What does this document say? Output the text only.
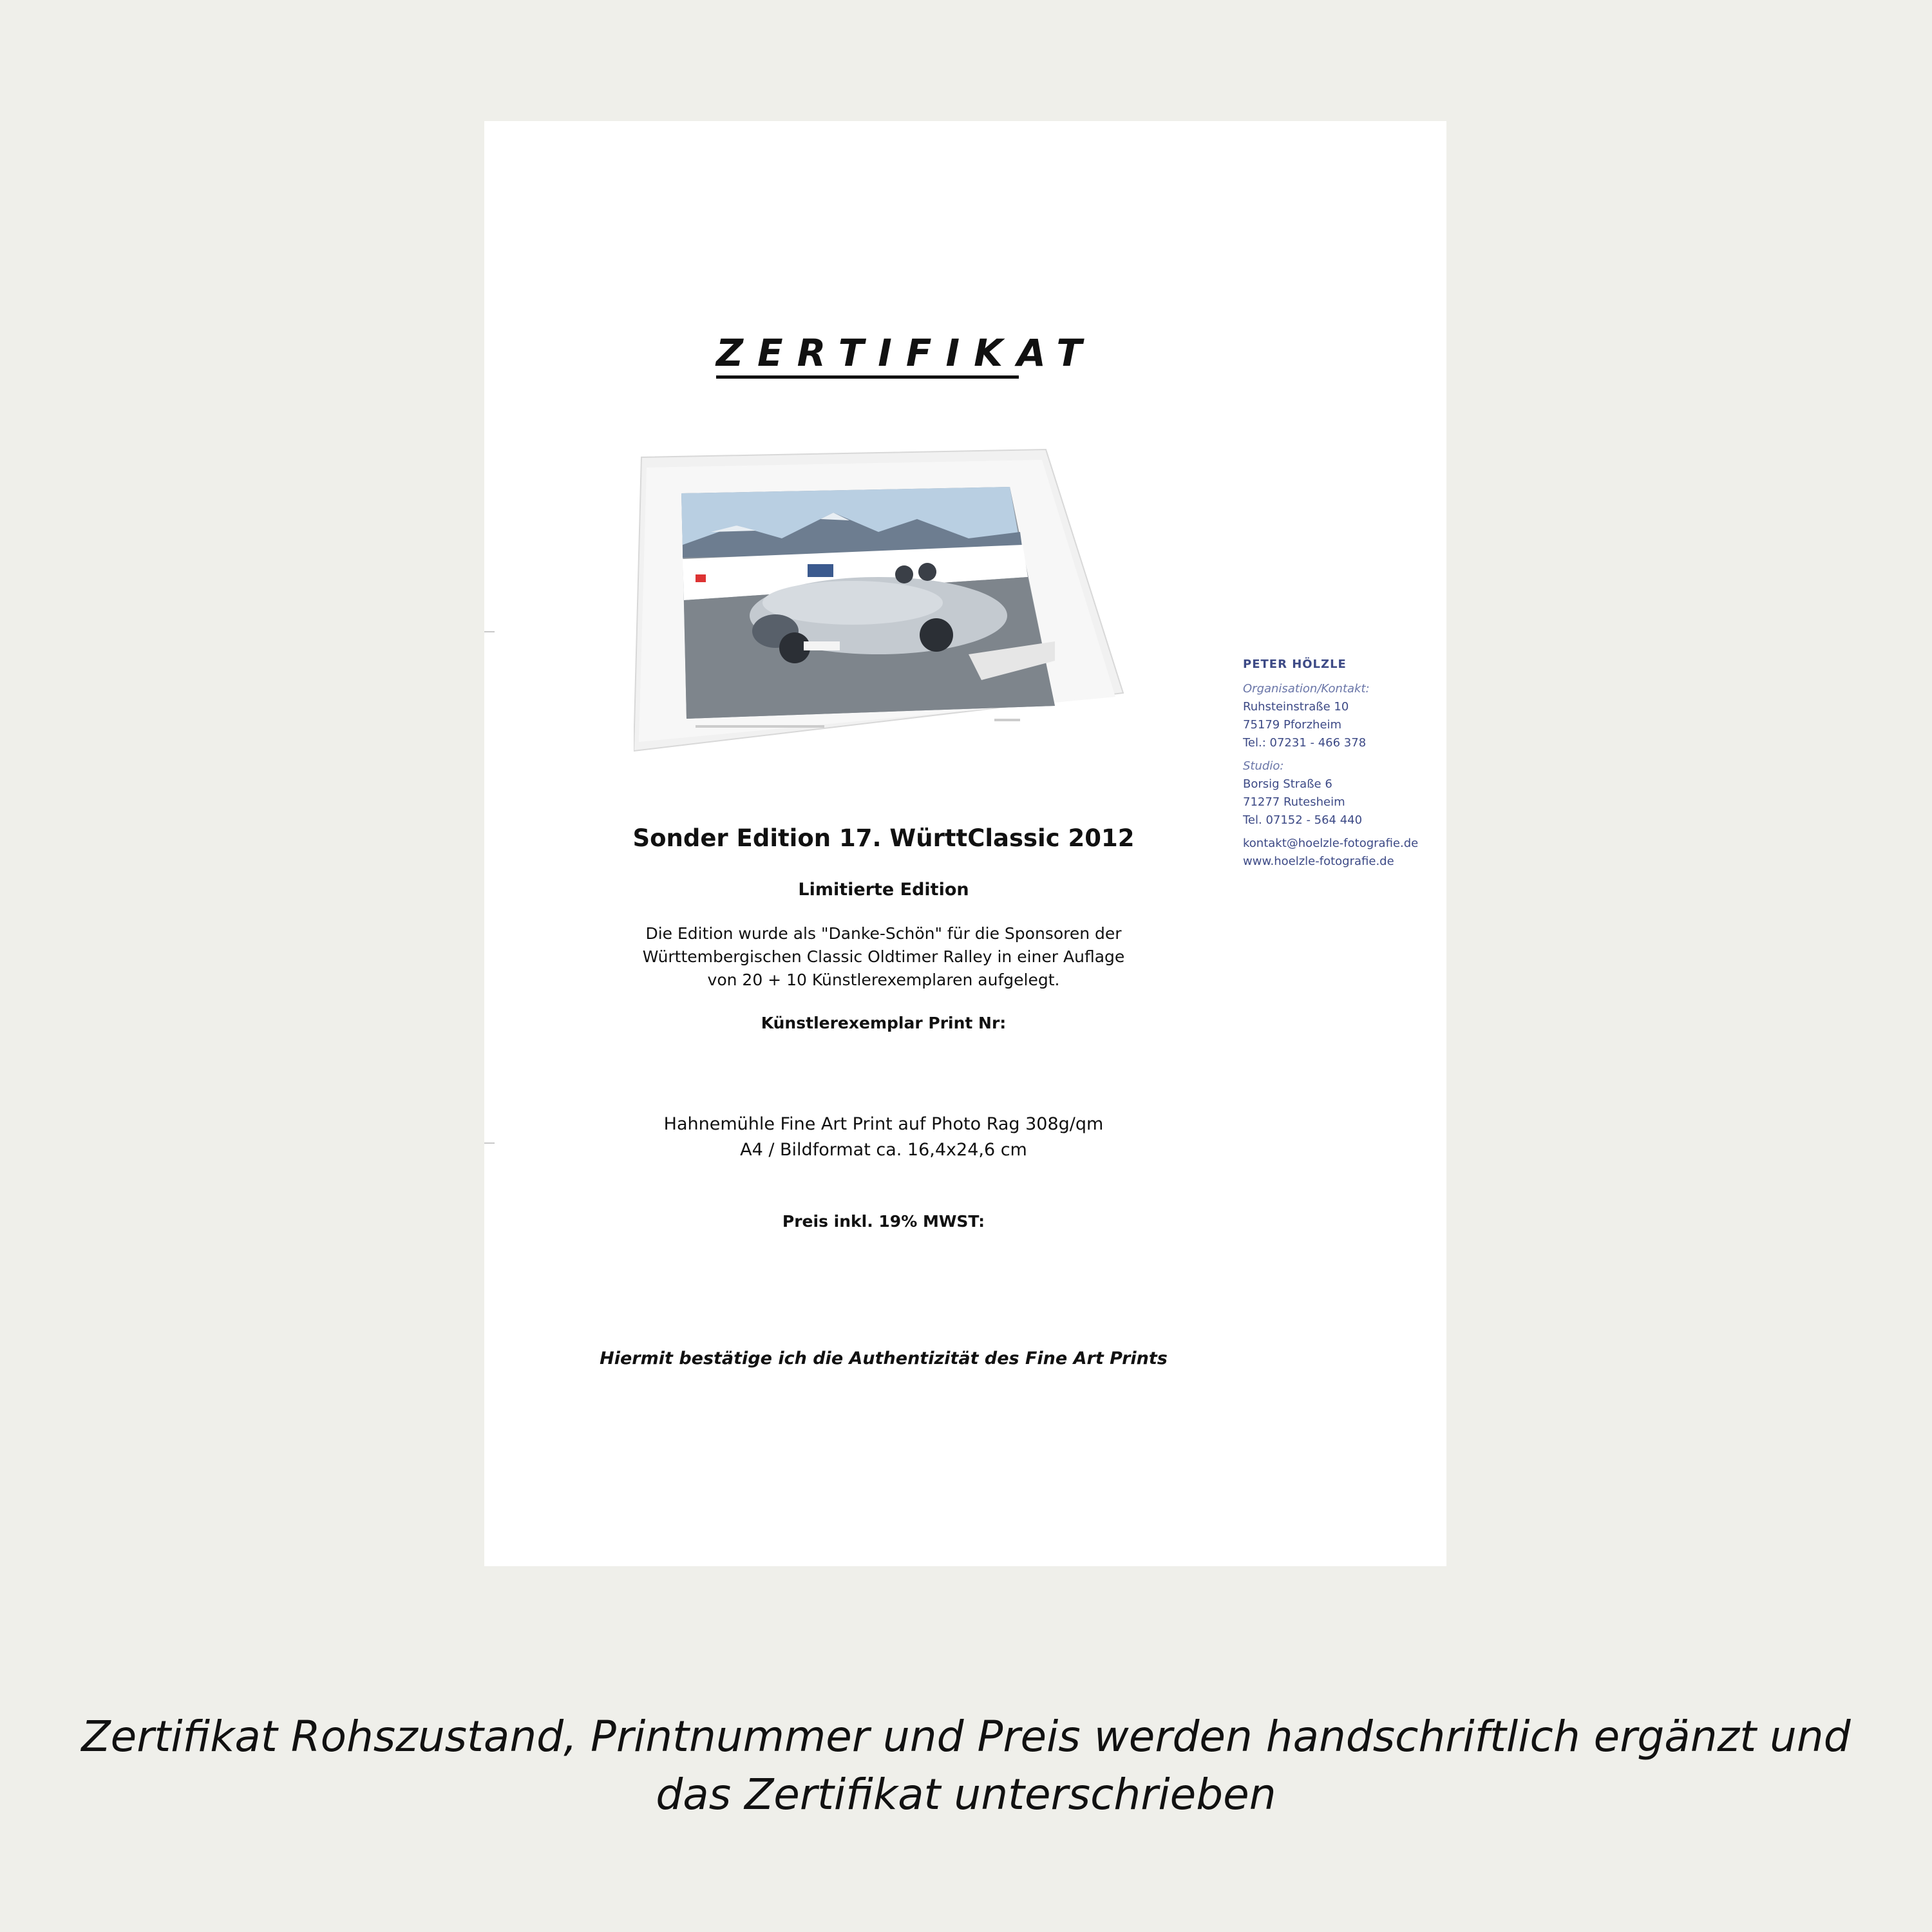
ZERTIFIKAT
Sonder Edition 17. WürttClassic 2012
Limitierte Edition
Die Edition wurde als "Danke-Schön" für die Sponsoren der
Württembergischen Classic Oldtimer Ralley in einer Auflage
von 20 + 10 Künstlerexemplaren aufgelegt.
Künstlerexemplar Print Nr:
Hahnemühle Fine Art Print auf Photo Rag 308g/qm
A4 / Bildformat ca. 16,4x24,6 cm
Preis inkl. 19% MWST:
Hiermit bestätige ich die Authentizität des Fine Art Prints
PETER HÖLZLE
Organisation/Kontakt:
Ruhsteinstraße 10
75179 Pforzheim
Tel.: 07231 - 466 378
Studio:
Borsig Straße 6
71277 Rutesheim
Tel. 07152 - 564 440
kontakt@hoelzle-fotografie.de
www.hoelzle-fotografie.de
Zertifikat Rohszustand, Printnummer und Preis werden handschriftlich ergänzt und
das Zertifikat unterschrieben
